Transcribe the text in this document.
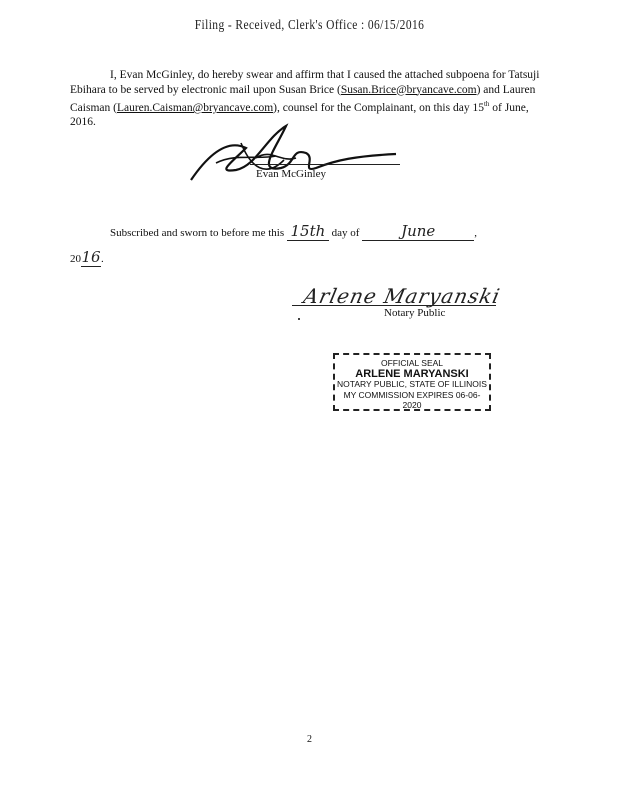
Filing - Received, Clerk's Office : 06/15/2016
I, Evan McGinley, do hereby swear and affirm that I caused the attached subpoena for Tatsuji Ebihara to be served by electronic mail upon Susan Brice (Susan.Brice@bryancave.com) and Lauren Caisman (Lauren.Caisman@bryancave.com), counsel for the Complainant, on this day 15th of June, 2016.
Evan McGinley
Subscribed and sworn to before me this 15th day of	June	,
2016.
Arlene Maryanski
Notary Public
OFFICIAL SEAL
ARLENE MARYANSKI
NOTARY PUBLIC, STATE OF ILLINOIS
MY COMMISSION EXPIRES 06-06-2020
2
